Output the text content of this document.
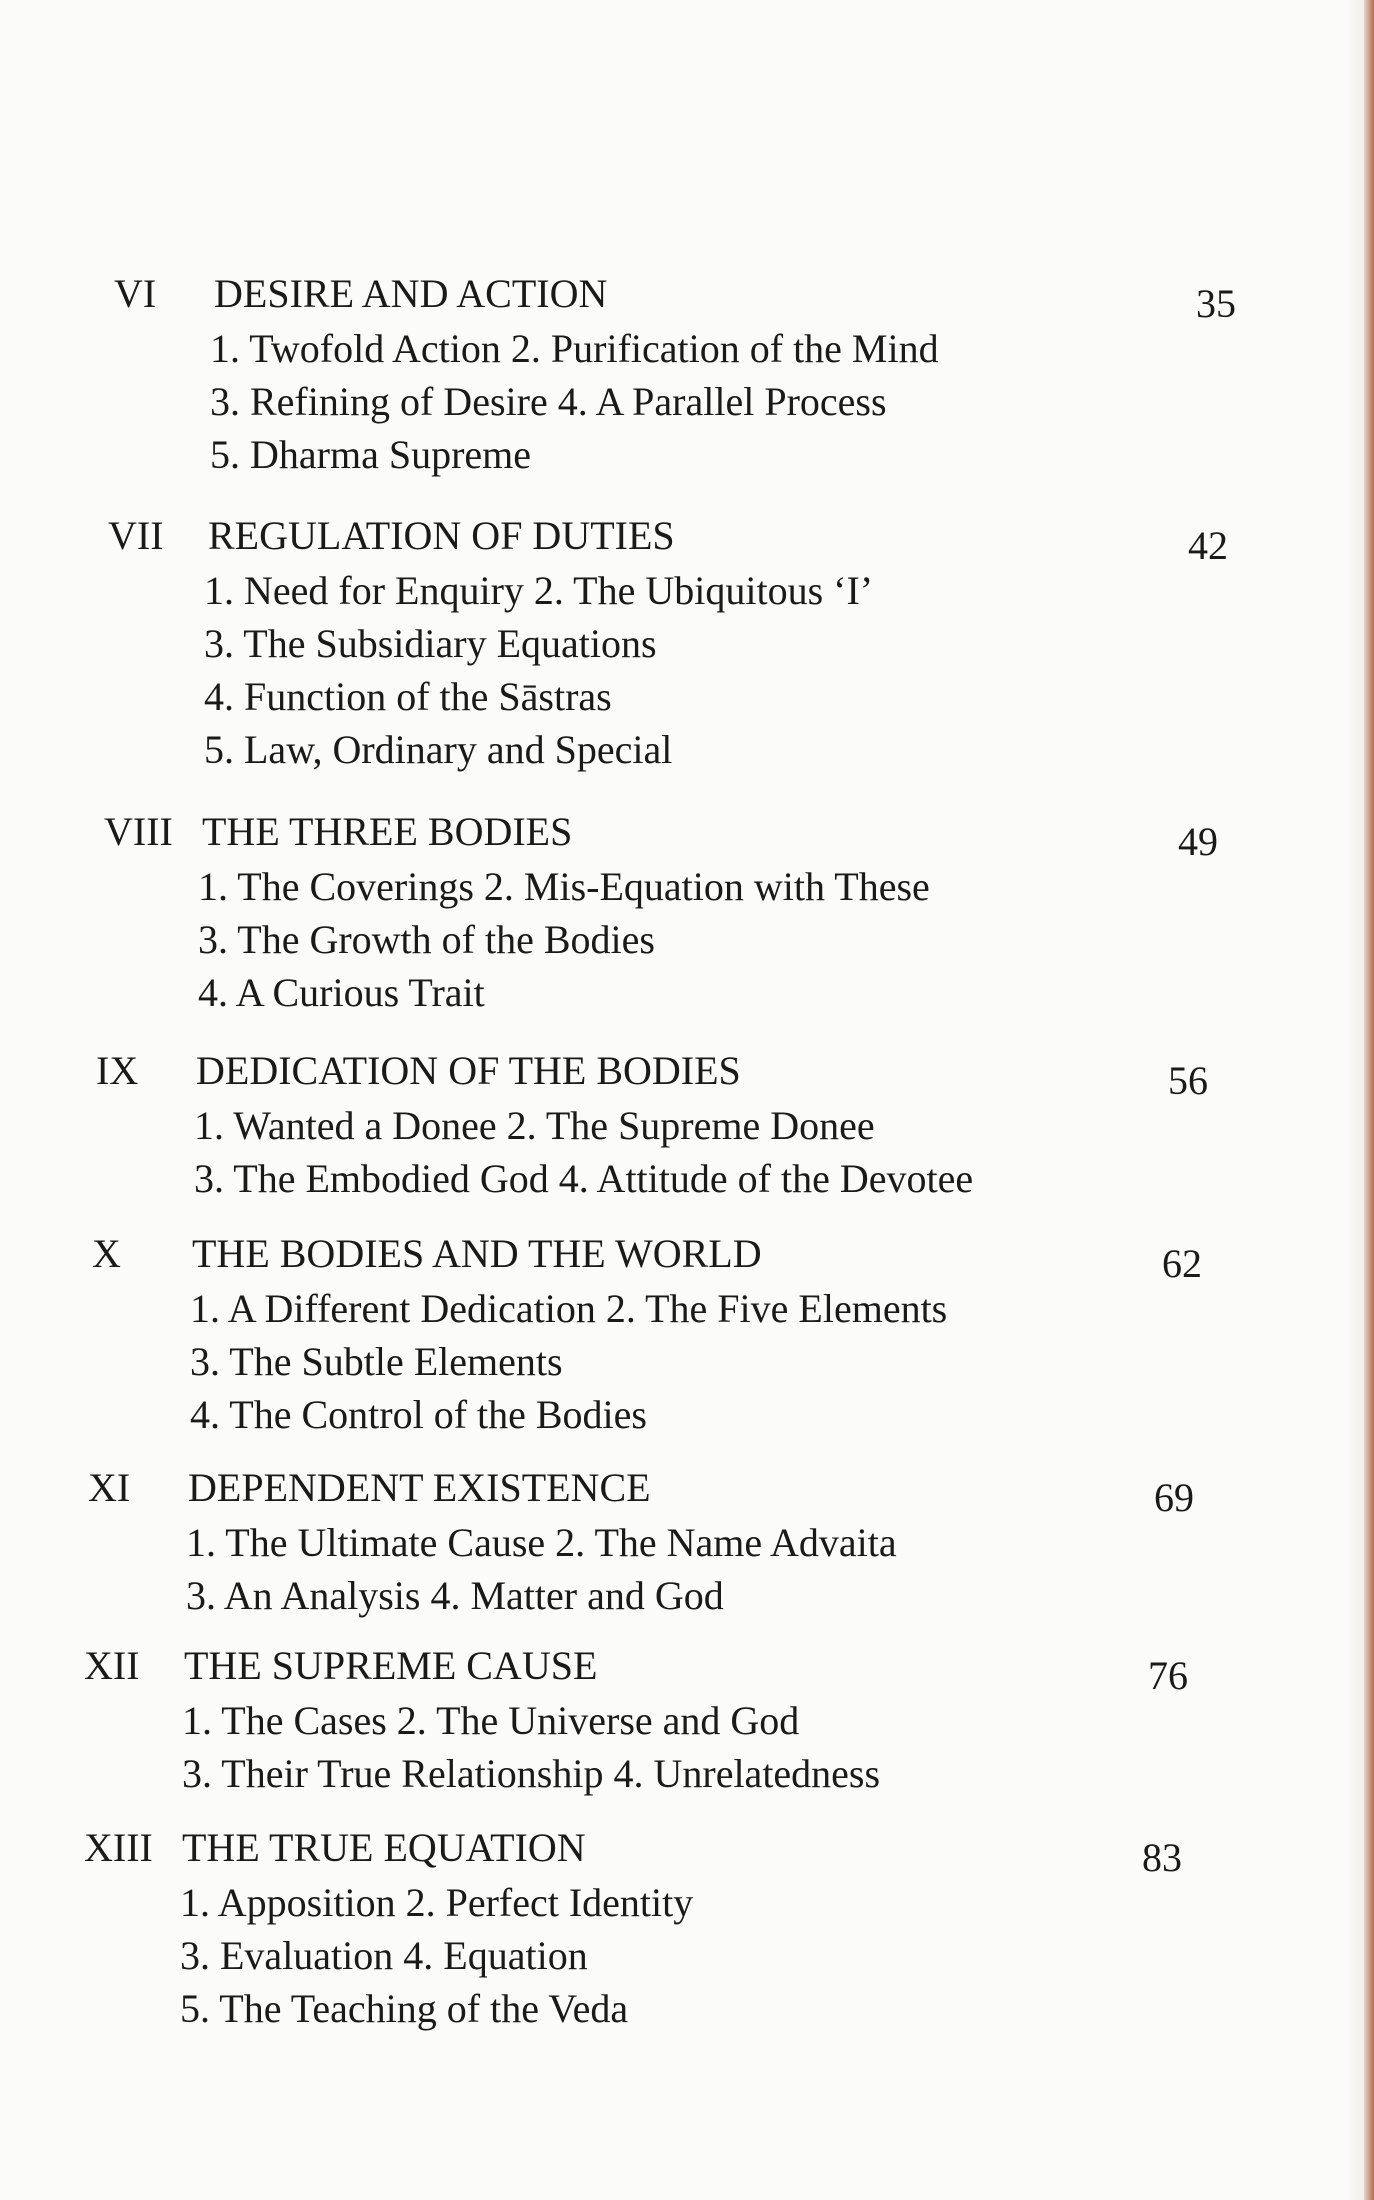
VI DESIRE AND ACTION	35
1. Twofold Action 2. Purification of the Mind
3. Refining of Desire 4. A Parallel Process
5. Dharma Supreme
VII REGULATION OF DUTIES	42
1. Need for Enquiry 2. The Ubiquitous ‘I’
3. The Subsidiary Equations
4. Function of the Sāstras
5. Law, Ordinary and Special
VIII THE THREE BODIES	49
1. The Coverings 2. Mis-Equation with These
3. The Growth of the Bodies
4. A Curious Trait
IX DEDICATION OF THE BODIES	56
1. Wanted a Donee 2. The Supreme Donee
3. The Embodied God 4. Attitude of the Devotee
X THE BODIES AND THE WORLD	62
1. A Different Dedication 2. The Five Elements
3. The Subtle Elements
4. The Control of the Bodies
XI DEPENDENT EXISTENCE	69
1. The Ultimate Cause 2. The Name Advaita
3. An Analysis 4. Matter and God
XII THE SUPREME CAUSE	76
1. The Cases 2. The Universe and God
3. Their True Relationship 4. Unrelatedness
XIII THE TRUE EQUATION	83
1. Apposition 2. Perfect Identity
3. Evaluation 4. Equation
5. The Teaching of the Veda
